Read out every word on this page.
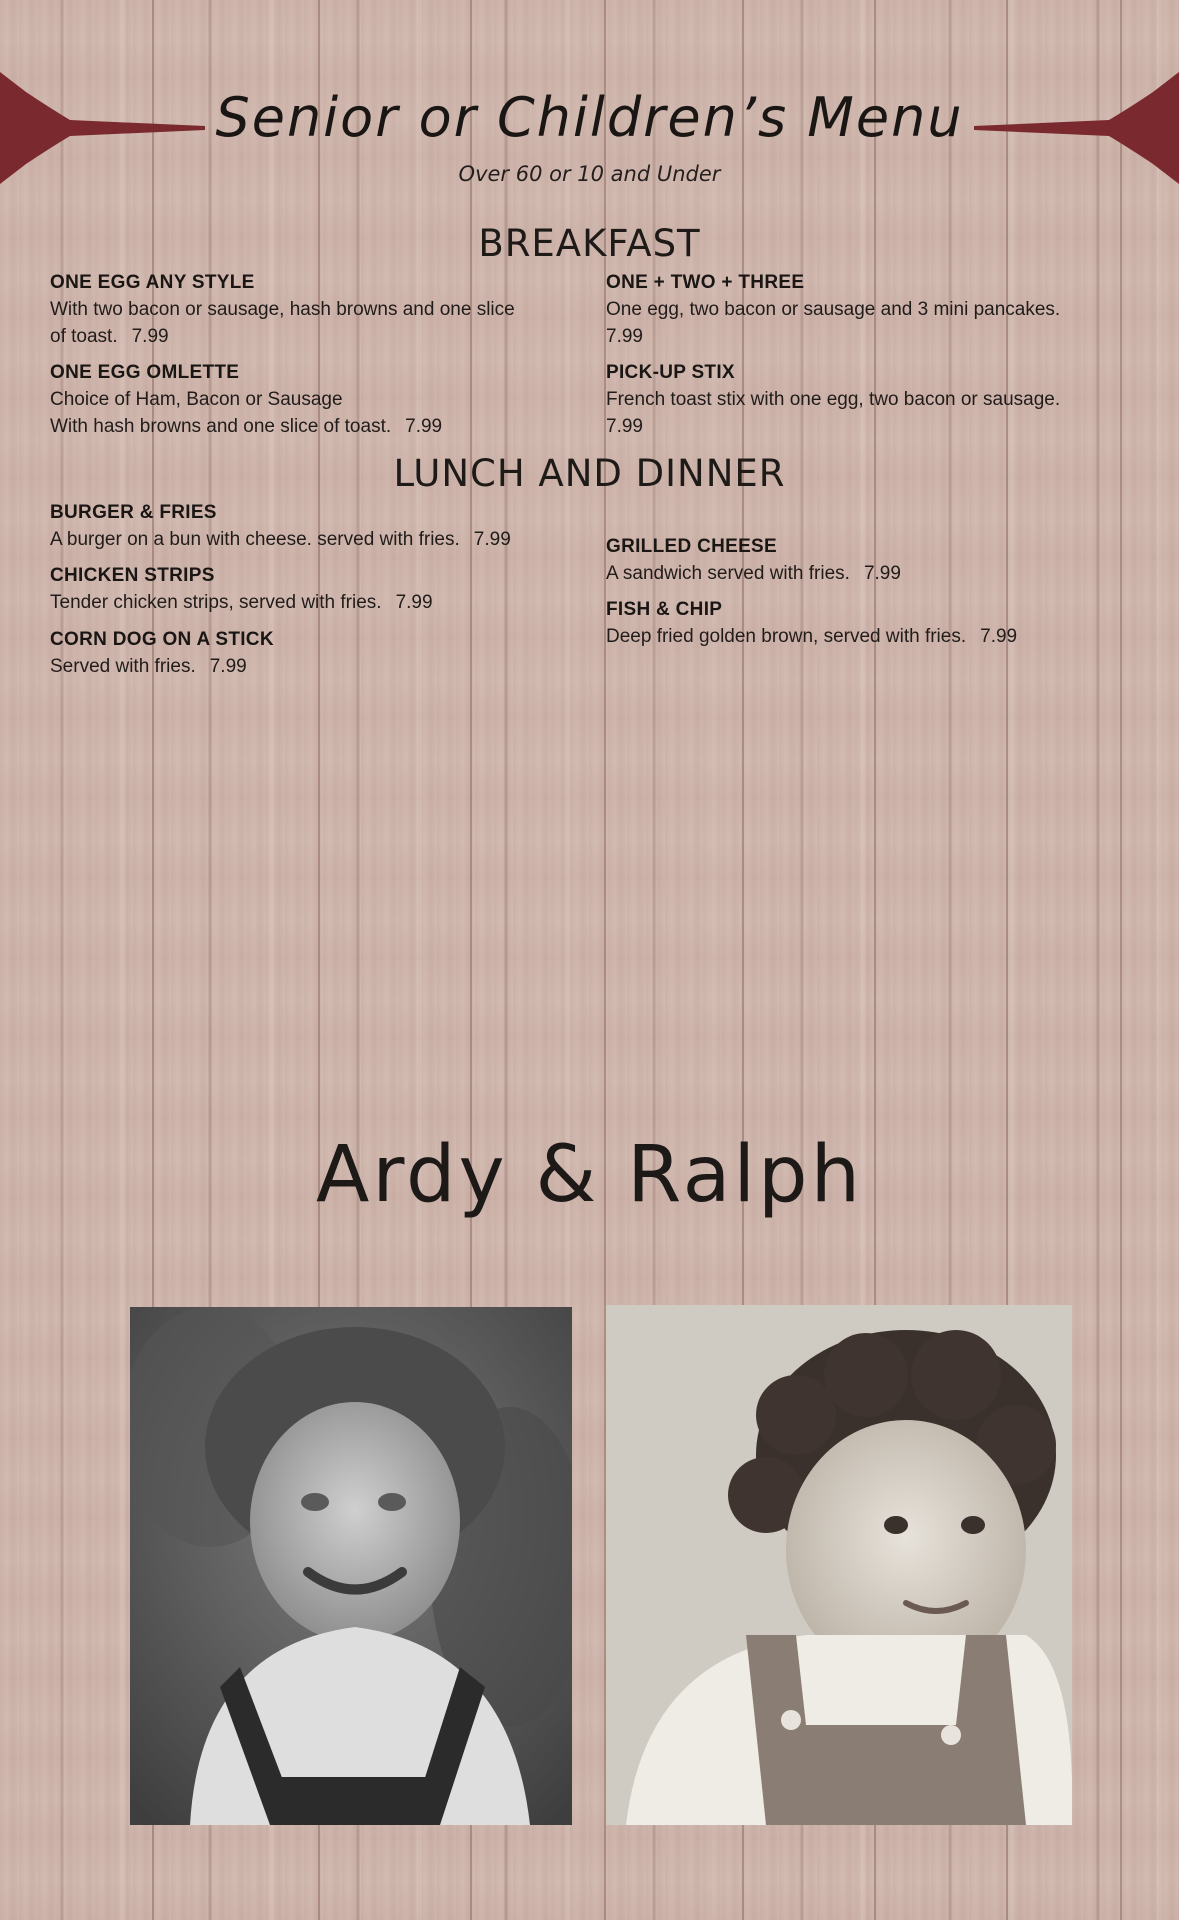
Senior or Children’s Menu
Over 60 or 10 and Under
BREAKFAST
ONE EGG ANY STYLE
With two bacon or sausage, hash browns and one slice
of toast. 7.99
ONE EGG OMLETTE
Choice of Ham, Bacon or Sausage
With hash browns and one slice of toast. 7.99
ONE + TWO + THREE
One egg, two bacon or sausage and 3 mini pancakes.
7.99
PICK-UP STIX
French toast stix with one egg, two bacon or sausage.
7.99
LUNCH AND DINNER
BURGER & FRIES
A burger on a bun with cheese. served with fries. 7.99
CHICKEN STRIPS
Tender chicken strips, served with fries. 7.99
CORN DOG ON A STICK
Served with fries. 7.99
GRILLED CHEESE
A sandwich served with fries. 7.99
FISH & CHIP
Deep fried golden brown, served with fries. 7.99
Ardy & Ralph
